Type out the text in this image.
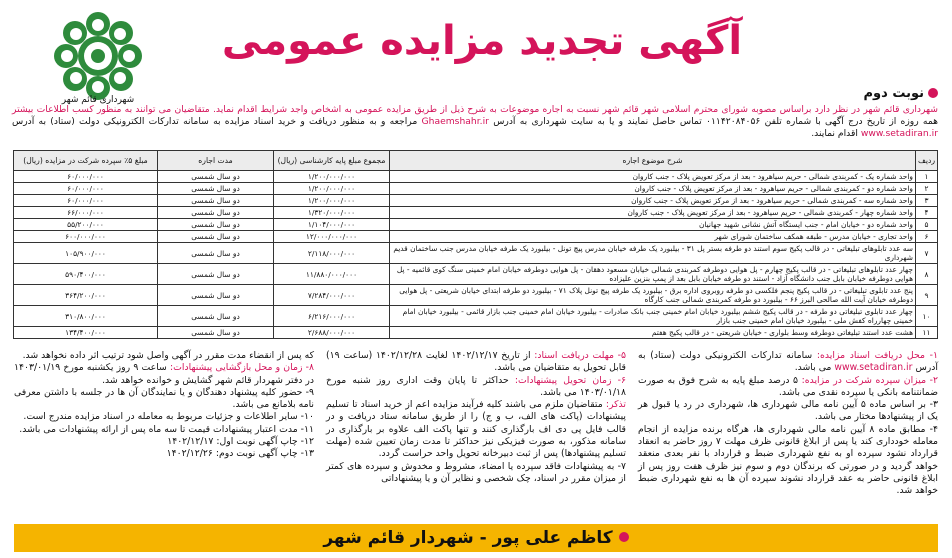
شهرداری قائم شهر
آگهی تجدید مزایده عمومی
نوبت دوم
شهرداری قائم شهر در نظر دارد براساس مصوبه شورای محترم اسلامی شهر قائم شهر نسبت به اجاره موضوعات به شرح ذیل از طریق مزایده عمومی به اشخاص واجد شرایط اقدام نماید. متقاضیان می توانند به منظور کسب اطلاعات بیشتر همه روزه از تاریخ درج آگهی با شماره تلفن ۰۱۱۴۲۰۸۴۰۵۶ تماس حاصل نمایند و یا به سایت شهرداری به آدرس Ghaemshahr.ir مراجعه و به منظور دریافت و خرید اسناد مزایده به سامانه تدارکات الکترونیکی دولت (ستاد) به آدرس www.setadiran.ir اقدام نمایند.
ردیف	شرح موضوع اجاره	مجموع مبلغ پایه کارشناسی (ریال)	مدت اجاره	مبلغ ۵٪ سپرده شرکت در مزایده (ریال)
۱	واحد شماره یک - کمربندی شمالی - حریم سیاهرود - بعد از مرکز تعویض پلاک - جنب کاروان	۱/۲۰۰/۰۰۰/۰۰۰	دو سال شمسی	۶۰/۰۰۰/۰۰۰
۲	واحد شماره دو - کمربندی شمالی - حریم سیاهرود - بعد از مرکز تعویض پلاک - جنب کاروان	۱/۲۰۰/۰۰۰/۰۰۰	دو سال شمسی	۶۰/۰۰۰/۰۰۰
۳	واحد شماره سه - کمربندی شمالی - حریم سیاهرود - بعد از مرکز تعویض پلاک - جنب کاروان	۱/۲۰۰/۰۰۰/۰۰۰	دو سال شمسی	۶۰/۰۰۰/۰۰۰
۴	واحد شماره چهار - کمربندی شمالی - حریم سیاهرود - بعد از مرکز تعویض پلاک - جنب کاروان	۱/۳۲۰/۰۰۰/۰۰۰	دو سال شمسی	۶۶/۰۰۰/۰۰۰
۵	واحد شماره دو - خیابان امام - جنب ایستگاه آتش نشانی شهید جهانیان	۱/۱۰۴/۰۰۰/۰۰۰	دو سال شمسی	۵۵/۲۰۰/۰۰۰
۶	واحد تجاری - خیابان مدرس - طبقه همکف ساختمان شورای شهر	۱۲/۰۰۰/۰۰۰/۰۰۰	دو سال شمسی	۶۰۰/۰۰۰/۰۰۰
۷	سه عدد تابلوهای تبلیغاتی - در قالب پکیج سوم استند دو طرفه بستر پل ۳۱ - بیلبورد یک طرفه خیابان مدرس پیچ تونل - بیلبورد یک طرفه خیابان مدرس جنب ساختمان قدیم شهرداری	۲/۱۱۸/۰۰۰/۰۰۰	دو سال شمسی	۱۰۵/۹۰۰/۰۰۰
۸	چهار عدد تابلوهای تبلیغاتی - در قالب پکیج چهارم - پل هوایی دوطرفه کمربندی شمالی خیابان مسعود دهقان - پل هوایی دوطرفه خیابان امام خمینی سنگ کوی قائمیه - پل هوایی دوطرفه خیابان بابل جنب دانشگاه آزاد - استند دو طرفه خیابان بابل بعد از پمپ بنزین علیزاده	۱۱/۸۸۰/۰۰۰/۰۰۰	دو سال شمسی	۵۹۰/۴۰۰/۰۰۰
۹	پنج عدد تابلوی تبلیغاتی - در قالب پکیج پنجم فلکسی دو طرفه روبروی اداره برق - بیلبورد یک طرفه پیچ تونل پلاک ۷۱ - بیلبورد دو طرفه ابتدای خیابان شریعتی - پل هوایی دوطرفه خیابان آیت الله صالحی البرز ۶۶ - بیلبورد دو طرفه کمربندی شمالی جنب کارگاه	۷/۲۸۴/۰۰۰/۰۰۰	دو سال شمسی	۳۶۴/۲۰۰/۰۰۰
۱۰	چهار عدد تابلوی تبلیغاتی دو طرفه - در قالب پکیج ششم بیلبورد خیابان امام خمینی جنب بانک صادرات - بیلبورد خیابان امام خمینی جنب بازار قائمی - بیلبورد خیابان امام خمینی چهارراه کفش ملی - بیلبورد خیابان امام خمینی جنب بازار	۶/۲۱۶/۰۰۰/۰۰۰	دو سال شمسی	۳۱۰/۸۰۰/۰۰۰
۱۱	هشت عدد استند تبلیغاتی دوطرفه وسط بلواری - خیابان شریعتی - در قالب پکیج هفتم	۲/۶۸۸/۰۰۰/۰۰۰	دو سال شمسی	۱۳۴/۴۰۰/۰۰۰

۱- محل دریافت اسناد مزایده: سامانه تدارکات الکترونیکی دولت (ستاد) به آدرس www.setadiran.ir می باشد.

۲- میزان سپرده شرکت در مزایده: ۵ درصد مبلغ پایه به شرح فوق به صورت ضمانتنامه بانکی یا سپرده نقدی می باشد.

۳- بر اساس ماده ۵ آیین نامه مالی شهرداری ها، شهرداری در رد یا قبول هر یک از پیشنهادها مختار می باشد.

۴- مطابق ماده ۸ آیین نامه مالی شهرداری ها، هرگاه برنده مزایده از انجام معامله خودداری کند یا پس از ابلاغ قانونی ظرف مهلت ۷ روز حاضر به انعقاد قرارداد نشود سپرده او به نفع شهرداری ضبط و قرارداد با نفر بعدی منعقد خواهد گردید و در صورتی که برندگان دوم و سوم نیز ظرف هفت روز پس از ابلاغ قانونی حاضر به عقد قرارداد نشوند سپرده آن ها به نفع شهرداری ضبط خواهد شد.

۵- مهلت دریافت اسناد: از تاریخ ۱۴۰۲/۱۲/۱۷ لغایت ۱۴۰۲/۱۲/۲۸ (ساعت ۱۹) قابل تحویل به متقاضیان می باشد.

۶- زمان تحویل پیشنهادات: حداکثر تا پایان وقت اداری روز شنبه مورخ ۱۴۰۳/۰۱/۱۸ می باشد.

تذکر: متقاضیان ملزم می باشند کلیه فرآیند مزایده اعم از خرید اسناد تا تسلیم پیشنهادات (پاکت های الف، ب و ج) را از طریق سامانه ستاد دریافت و در قالب فایل پی دی اف بارگذاری کنند و تنها پاکت الف علاوه بر بارگذاری در سامانه مذکور، به صورت فیزیکی نیز حداکثر تا مدت زمان تعیین شده (مهلت تسلیم پیشنهادها) پس از ثبت دبیرخانه تحویل واحد حراست گردد.

۷- به پیشنهادات فاقد سپرده یا امضاء، مشروط و مخدوش و سپرده های کمتر از میزان مقرر در اسناد، چک شخصی و نظایر آن و یا پیشنهاداتی

که پس از انقضاء مدت مقرر در آگهی واصل شود ترتیب اثر داده نخواهد شد.

۸- زمان و محل بازگشایی پیشنهادات: ساعت ۹ روز یکشنبه مورخ ۱۴۰۳/۰۱/۱۹ در دفتر شهردار قائم شهر گشایش و خوانده خواهد شد.

۹- حضور کلیه پیشنهاد دهندگان و یا نمایندگان آن ها در جلسه با داشتن معرفی نامه بلامانع می باشد.

۱۰- سایر اطلاعات و جزئیات مربوط به معامله در اسناد مزایده مندرج است.

۱۱- مدت اعتبار پیشنهادات قیمت تا سه ماه پس از ارائه پیشنهادات می باشد.

۱۲- چاپ آگهی نوبت اول: ۱۴۰۲/۱۲/۱۷

۱۳- چاپ آگهی نوبت دوم: ۱۴۰۲/۱۲/۲۶

کاظم علی پور - شهردار قائم شهر
